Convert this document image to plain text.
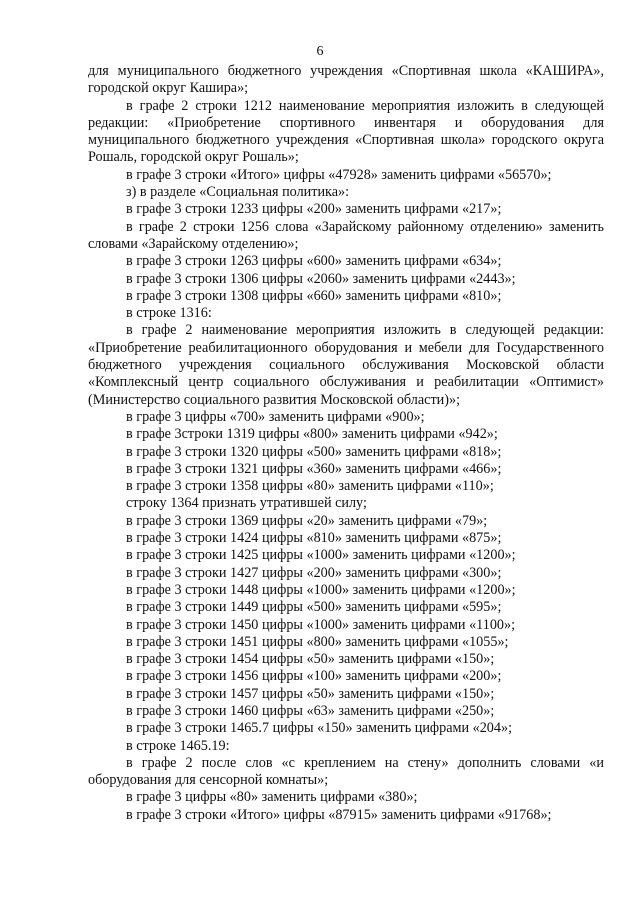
6

для муниципального бюджетного учреждения «Спортивная школа «КАШИРА», городской округ Кашира»;

в графе 2 строки 1212 наименование мероприятия изложить в следующей редакции: «Приобретение спортивного инвентаря и оборудования для муниципального бюджетного учреждения «Спортивная школа» городского округа Рошаль, городской округ Рошаль»;

в графе 3 строки «Итого» цифры «47928» заменить цифрами «56570»;

з) в разделе «Социальная политика»:

в графе 3 строки 1233 цифры «200» заменить цифрами «217»;

в графе 2 строки 1256 слова «Зарайскому районному отделению» заменить словами «Зарайскому отделению»;

в графе 3 строки 1263 цифры «600» заменить цифрами «634»;

в графе 3 строки 1306 цифры «2060» заменить цифрами «2443»;

в графе 3 строки 1308 цифры «660» заменить цифрами «810»;

в строке 1316:

в графе 2 наименование мероприятия изложить в следующей редакции: «Приобретение реабилитационного оборудования и мебели для Государственного бюджетного учреждения социального обслуживания Московской области «Комплексный центр социального обслуживания и реабилитации «Оптимист» (Министерство социального развития Московской области)»;

в графе 3 цифры «700» заменить цифрами «900»;

в графе 3строки 1319 цифры «800» заменить цифрами «942»;

в графе 3 строки 1320 цифры «500» заменить цифрами «818»;

в графе 3 строки 1321 цифры «360» заменить цифрами «466»;

в графе 3 строки 1358 цифры «80» заменить цифрами «110»;

строку 1364 признать утратившей силу;

в графе 3 строки 1369 цифры «20» заменить цифрами «79»;

в графе 3 строки 1424 цифры «810» заменить цифрами «875»;

в графе 3 строки 1425 цифры «1000» заменить цифрами «1200»;

в графе 3 строки 1427 цифры «200» заменить цифрами «300»;

в графе 3 строки 1448 цифры «1000» заменить цифрами «1200»;

в графе 3 строки 1449 цифры «500» заменить цифрами «595»;

в графе 3 строки 1450 цифры «1000» заменить цифрами «1100»;

в графе 3 строки 1451 цифры «800» заменить цифрами «1055»;

в графе 3 строки 1454 цифры «50» заменить цифрами «150»;

в графе 3 строки 1456 цифры «100» заменить цифрами «200»;

в графе 3 строки 1457 цифры «50» заменить цифрами «150»;

в графе 3 строки 1460 цифры «63» заменить цифрами «250»;

в графе 3 строки 1465.7 цифры «150» заменить цифрами «204»;

в строке 1465.19:

в графе 2 после слов «с креплением на стену» дополнить словами «и оборудования для сенсорной комнаты»;

в графе 3 цифры «80» заменить цифрами «380»;

в графе 3 строки «Итого» цифры «87915» заменить цифрами «91768»;
